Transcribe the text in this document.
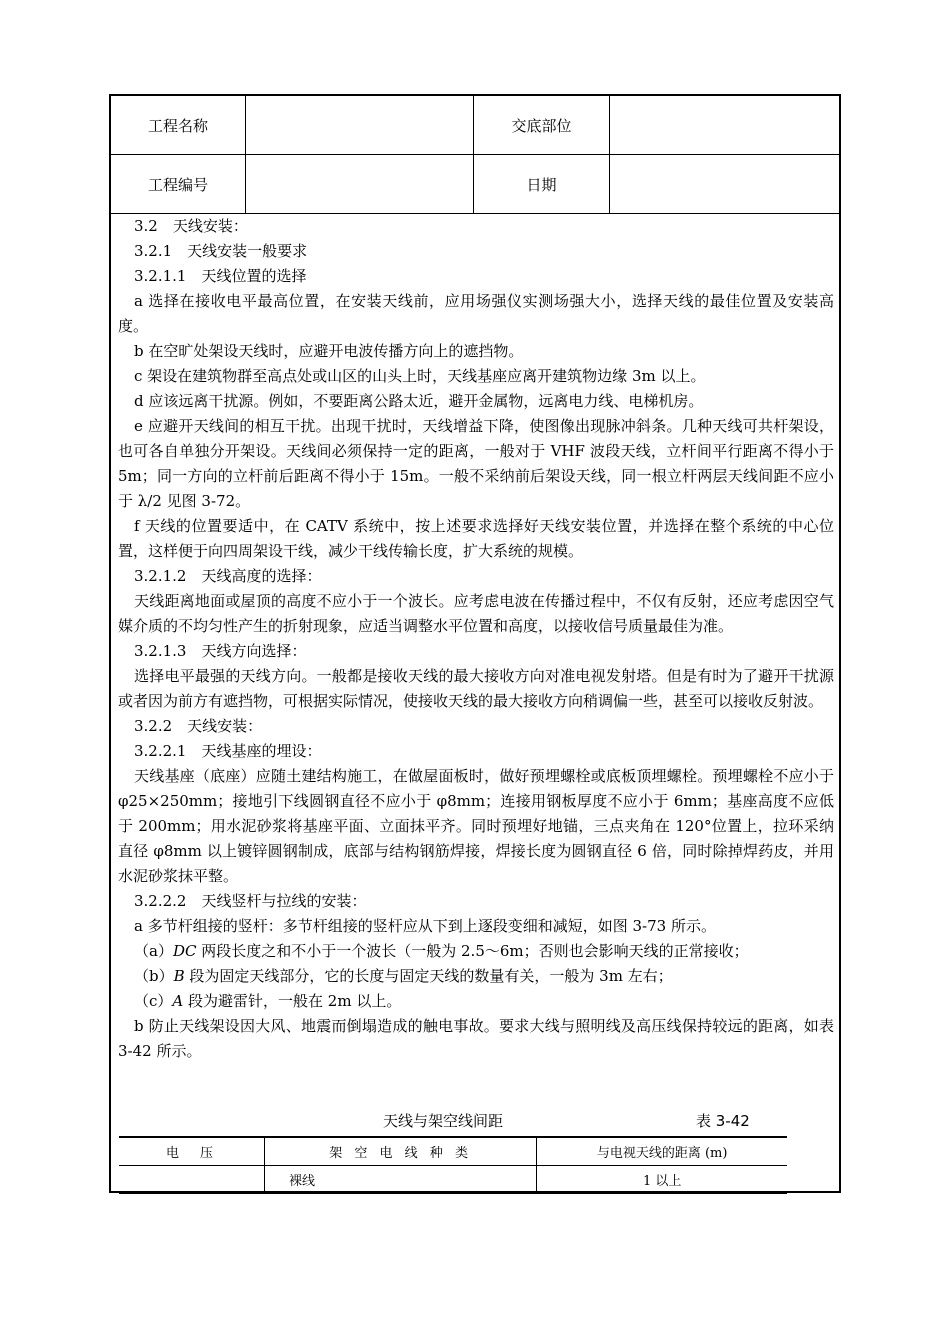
工程名称		交底部位	
工程编号		日期	

3.2　天线安装：

3.2.1　天线安装一般要求

3.2.1.1　天线位置的选择

a 选择在接收电平最高位置，在安装天线前，应用场强仪实测场强大小，选择天线的最佳位置及安装高度。

b 在空旷处架设天线时，应避开电波传播方向上的遮挡物。

c 架设在建筑物群至高点处或山区的山头上时，天线基座应离开建筑物边缘 3m 以上。

d 应该远离干扰源。例如，不要距离公路太近，避开金属物，远离电力线、电梯机房。

e 应避开天线间的相互干扰。出现干扰时，天线增益下降，使图像出现脉冲斜条。几种天线可共杆架设，也可各自单独分开架设。天线间必须保持一定的距离，一般对于 VHF 波段天线，立杆间平行距离不得小于 5m；同一方向的立杆前后距离不得小于 15m。一般不采纳前后架设天线，同一根立杆两层天线间距不应小于 λ/2 见图 3-72。

f 天线的位置要适中，在 CATV 系统中，按上述要求选择好天线安装位置，并选择在整个系统的中心位置，这样便于向四周架设干线，减少干线传输长度，扩大系统的规模。

3.2.1.2　天线高度的选择：

天线距离地面或屋顶的高度不应小于一个波长。应考虑电波在传播过程中，不仅有反射，还应考虑因空气媒介质的不均匀性产生的折射现象，应适当调整水平位置和高度，以接收信号质量最佳为准。

3.2.1.3　天线方向选择：

选择电平最强的天线方向。一般都是接收天线的最大接收方向对准电视发射塔。但是有时为了避开干扰源或者因为前方有遮挡物，可根据实际情况，使接收天线的最大接收方向稍调偏一些，甚至可以接收反射波。

3.2.2　天线安装：

3.2.2.1　天线基座的埋设：

天线基座（底座）应随土建结构施工，在做屋面板时，做好预埋螺栓或底板顶埋螺栓。预埋螺栓不应小于 φ25×250mm；接地引下线圆钢直径不应小于 φ8mm；连接用钢板厚度不应小于 6mm；基座高度不应低于 200mm；用水泥砂浆将基座平面、立面抹平齐。同时预埋好地锚，三点夹角在 120°位置上，拉环采纳直径 φ8mm 以上镀锌圆钢制成，底部与结构钢筋焊接，焊接长度为圆钢直径 6 倍，同时除掉焊药皮，并用水泥砂浆抹平整。

3.2.2.2　天线竖杆与拉线的安装：

a 多节杆组接的竖杆：多节杆组接的竖杆应从下到上逐段变细和减短，如图 3-73 所示。

（a）DC 两段长度之和不小于一个波长（一般为 2.5～6m；否则也会影响天线的正常接收；

（b）B 段为固定天线部分，它的长度与固定天线的数量有关，一般为 3m 左右；

（c）A 段为避雷针，一般在 2m 以上。

b 防止天线架设因大风、地震而倒塌造成的触电事故。要求大线与照明线及高压线保持较远的距离，如表 3-42 所示。

天线与架空线间距	表 3-42
电　压	架 空 电 线 种 类	与电视天线的距离 (m)
	裸线	1 以上
